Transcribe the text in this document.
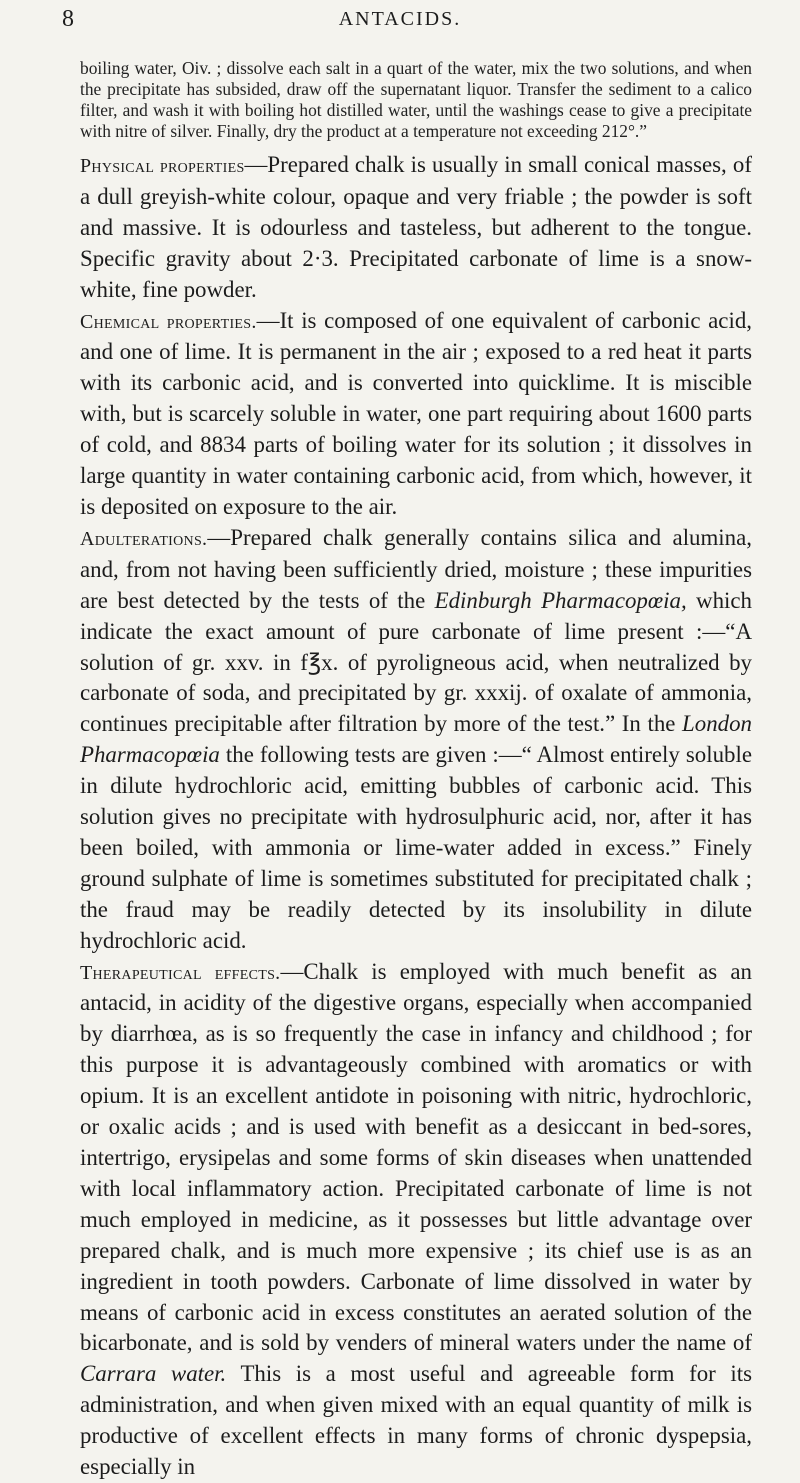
8	ANTACIDS.

boiling water, Oiv. ; dissolve each salt in a quart of the water, mix the two solutions, and when the precipitate has subsided, draw off the supernatant liquor. Transfer the sediment to a calico filter, and wash it with boiling hot distilled water, until the washings cease to give a precipitate with nitre of silver. Finally, dry the product at a temperature not exceeding 212°.”

Physical properties—Prepared chalk is usually in small conical masses, of a dull greyish-white colour, opaque and very friable ; the powder is soft and massive. It is odourless and tasteless, but adherent to the tongue. Specific gravity about 2·3. Precipitated carbonate of lime is a snow-white, fine powder.

Chemical properties.—It is composed of one equivalent of carbonic acid, and one of lime. It is permanent in the air ; exposed to a red heat it parts with its carbonic acid, and is converted into quicklime. It is miscible with, but is scarcely soluble in water, one part requiring about 1600 parts of cold, and 8834 parts of boiling water for its solution ; it dissolves in large quantity in water containing carbonic acid, from which, however, it is deposited on exposure to the air.

Adulterations.—Prepared chalk generally contains silica and alumina, and, from not having been sufficiently dried, moisture ; these impurities are best detected by the tests of the Edinburgh Pharmacopœia, which indicate the exact amount of pure carbonate of lime present :—“A solution of gr. xxv. in f℥x. of pyroligneous acid, when neutralized by carbonate of soda, and precipitated by gr. xxxij. of oxalate of ammonia, continues precipitable after filtration by more of the test.” In the London Pharmacopœia the following tests are given :—“ Almost entirely soluble in dilute hydrochloric acid, emitting bubbles of carbonic acid. This solution gives no precipitate with hydrosulphuric acid, nor, after it has been boiled, with ammonia or lime-water added in excess.” Finely ground sulphate of lime is sometimes substituted for precipitated chalk ; the fraud may be readily detected by its insolubility in dilute hydrochloric acid.

Therapeutical effects.—Chalk is employed with much benefit as an antacid, in acidity of the digestive organs, especially when accompanied by diarrhœa, as is so frequently the case in infancy and childhood ; for this purpose it is advantageously combined with aromatics or with opium. It is an excellent antidote in poisoning with nitric, hydrochloric, or oxalic acids ; and is used with benefit as a desiccant in bed-sores, intertrigo, erysipelas and some forms of skin diseases when unattended with local inflammatory action. Precipitated carbonate of lime is not much employed in medicine, as it possesses but little advantage over prepared chalk, and is much more expensive ; its chief use is as an ingredient in tooth powders. Carbonate of lime dissolved in water by means of carbonic acid in excess constitutes an aerated solution of the bicarbonate, and is sold by venders of mineral waters under the name of Carrara water. This is a most useful and agreeable form for its administration, and when given mixed with an equal quantity of milk is productive of excellent effects in many forms of chronic dyspepsia, especially in
